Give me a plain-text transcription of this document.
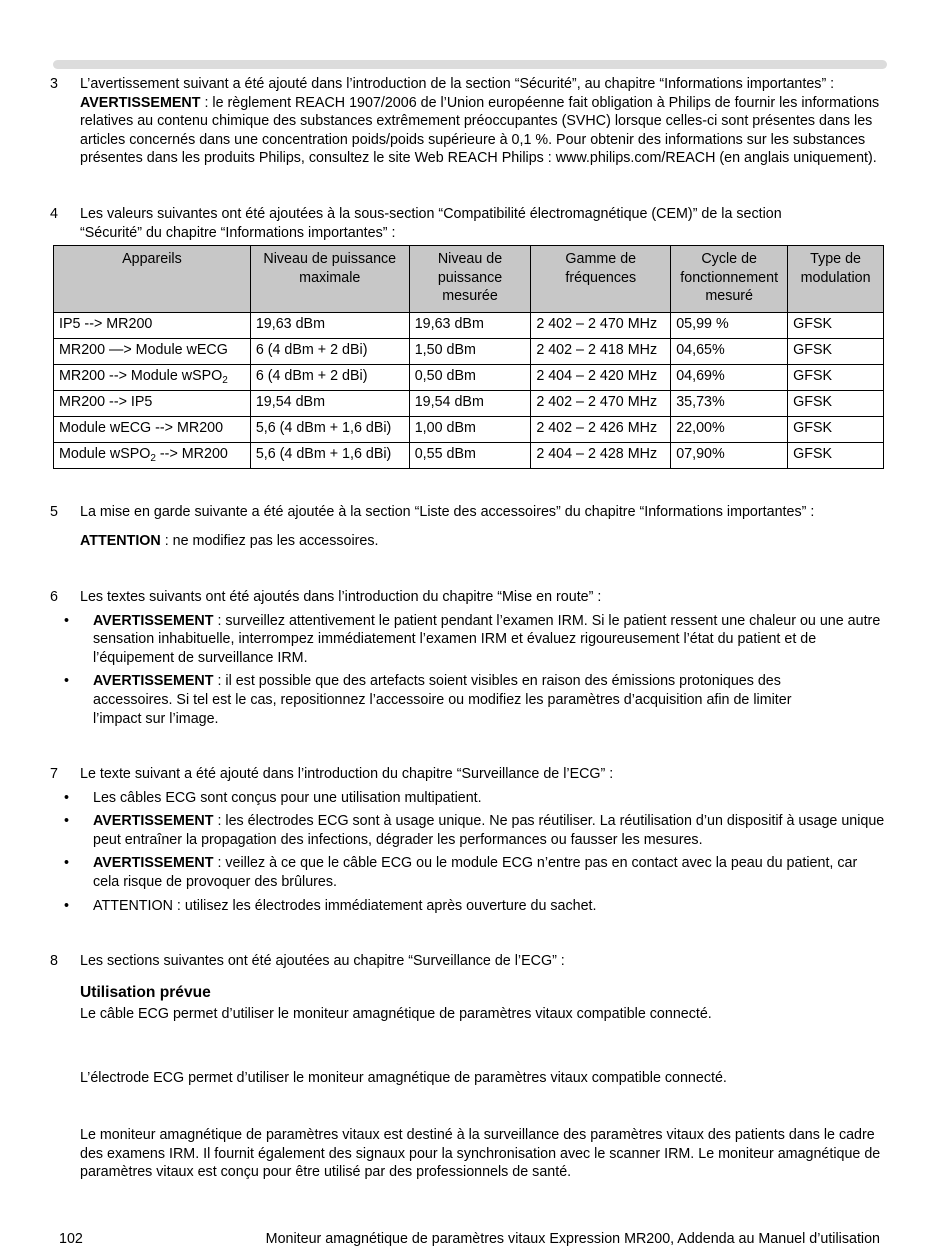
3 L’avertissement suivant a été ajouté dans l’introduction de la section “Sécurité”, au chapitre “Informations importantes” :
AVERTISSEMENT : le règlement REACH 1907/2006 de l’Union européenne fait obligation à Philips de fournir les informations relatives au contenu chimique des substances extrêmement préoccupantes (SVHC) lorsque celles-ci sont présentes dans les articles concernés dans une concentration poids/poids supérieure à 0,1 %. Pour obtenir des informations sur les substances présentes dans les produits Philips, consultez le site Web REACH Philips : www.philips.com/REACH (en anglais uniquement).
4 Les valeurs suivantes ont été ajoutées à la sous-section “Compatibilité électromagnétique (CEM)” de la section “Sécurité” du chapitre “Informations importantes” :
Appareils	Niveau de puissance maximale	Niveau de puissance mesurée	Gamme de fréquences	Cycle de fonctionnement mesuré	Type de modulation
IP5 --> MR200	19,63 dBm	19,63 dBm	2 402 – 2 470 MHz	05,99 %	GFSK
MR200 —> Module wECG	6 (4 dBm + 2 dBi)	1,50 dBm	2 402 – 2 418 MHz	04,65%	GFSK
MR200 --> Module wSPO$_2$	6 (4 dBm + 2 dBi)	0,50 dBm	2 404 – 2 420 MHz	04,69%	GFSK
MR200 --> IP5	19,54 dBm	19,54 dBm	2 402 – 2 470 MHz	35,73%	GFSK
Module wECG --> MR200	5,6 (4 dBm + 1,6 dBi)	1,00 dBm	2 402 – 2 426 MHz	22,00%	GFSK
Module wSPO$_2$ --> MR200	5,6 (4 dBm + 1,6 dBi)	0,55 dBm	2 404 – 2 428 MHz	07,90%	GFSK
5 La mise en garde suivante a été ajoutée à la section “Liste des accessoires” du chapitre “Informations importantes” :
ATTENTION : ne modifiez pas les accessoires.
6 Les textes suivants ont été ajoutés dans l’introduction du chapitre “Mise en route” :
• AVERTISSEMENT : surveillez attentivement le patient pendant l’examen IRM. Si le patient ressent une chaleur ou une autre sensation inhabituelle, interrompez immédiatement l’examen IRM et évaluez rigoureusement l’état du patient et de l’équipement de surveillance IRM.
• AVERTISSEMENT : il est possible que des artefacts soient visibles en raison des émissions protoniques des accessoires. Si tel est le cas, repositionnez l’accessoire ou modifiez les paramètres d’acquisition afin de limiter l’impact sur l’image.
7 Le texte suivant a été ajouté dans l’introduction du chapitre “Surveillance de l’ECG” :
• Les câbles ECG sont conçus pour une utilisation multipatient.
• AVERTISSEMENT : les électrodes ECG sont à usage unique. Ne pas réutiliser. La réutilisation d’un dispositif à usage unique peut entraîner la propagation des infections, dégrader les performances ou fausser les mesures.
• AVERTISSEMENT : veillez à ce que le câble ECG ou le module ECG n’entre pas en contact avec la peau du patient, car cela risque de provoquer des brûlures.
• ATTENTION : utilisez les électrodes immédiatement après ouverture du sachet.
8 Les sections suivantes ont été ajoutées au chapitre “Surveillance de l’ECG” :
Utilisation prévue
Le câble ECG permet d’utiliser le moniteur amagnétique de paramètres vitaux compatible connecté.
L’électrode ECG permet d’utiliser le moniteur amagnétique de paramètres vitaux compatible connecté.
Le moniteur amagnétique de paramètres vitaux est destiné à la surveillance des paramètres vitaux des patients dans le cadre des examens IRM. Il fournit également des signaux pour la synchronisation avec le scanner IRM. Le moniteur amagnétique de paramètres vitaux est conçu pour être utilisé par des professionnels de santé.
102	Moniteur amagnétique de paramètres vitaux Expression MR200, Addenda au Manuel d’utilisation
